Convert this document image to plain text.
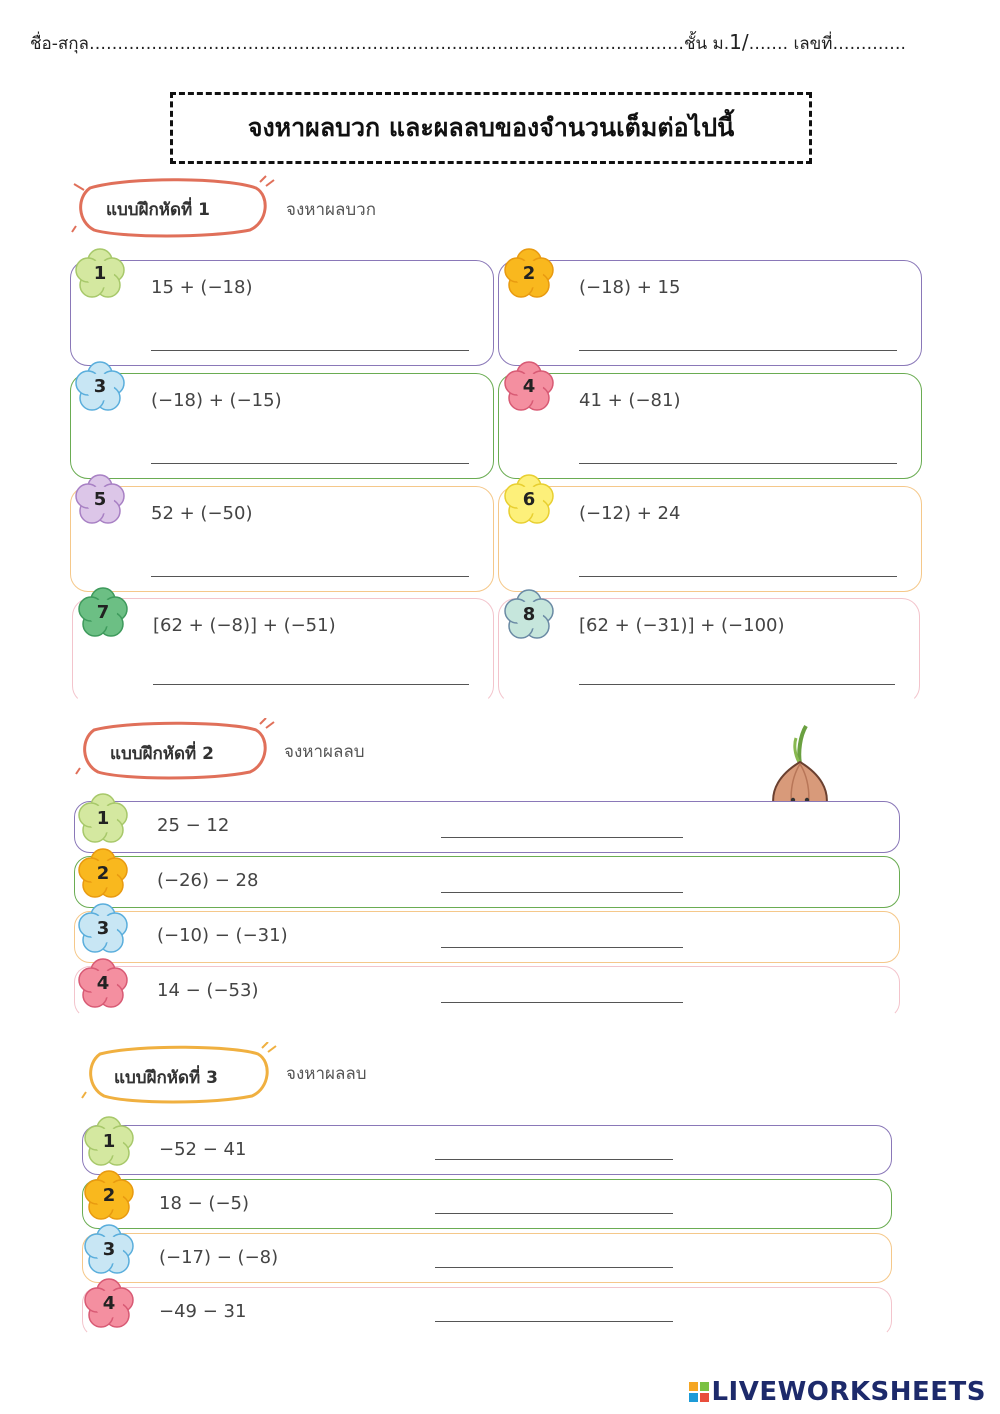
ชื่อ-สกุล……………………………………………………………………………………………ชั้น ม.1/……. เลขที่………….
จงหาผลบวก และผลลบของจำนวนเต็มต่อไปนี้
แบบฝึกหัดที่ 1	จงหาผลบวก
15 + (−18)	(−18) + 15
(−18) + (−15)	41 + (−81)
52 + (−50)	(−12) + 24
[62 + (−8)] + (−51)	[62 + (−31)] + (−100)
1	2
3	4
5	6
7	8
แบบฝึกหัดที่ 2	จงหาผลลบ
25 − 12
(−26) − 28
(−10) − (−31)
14 − (−53)
1
2
3
4
แบบฝึกหัดที่ 3	จงหาผลลบ
−52 − 41
18 − (−5)
(−17) − (−8)
−49 − 31
1
2
3
4
LIVEWORKSHEETS
